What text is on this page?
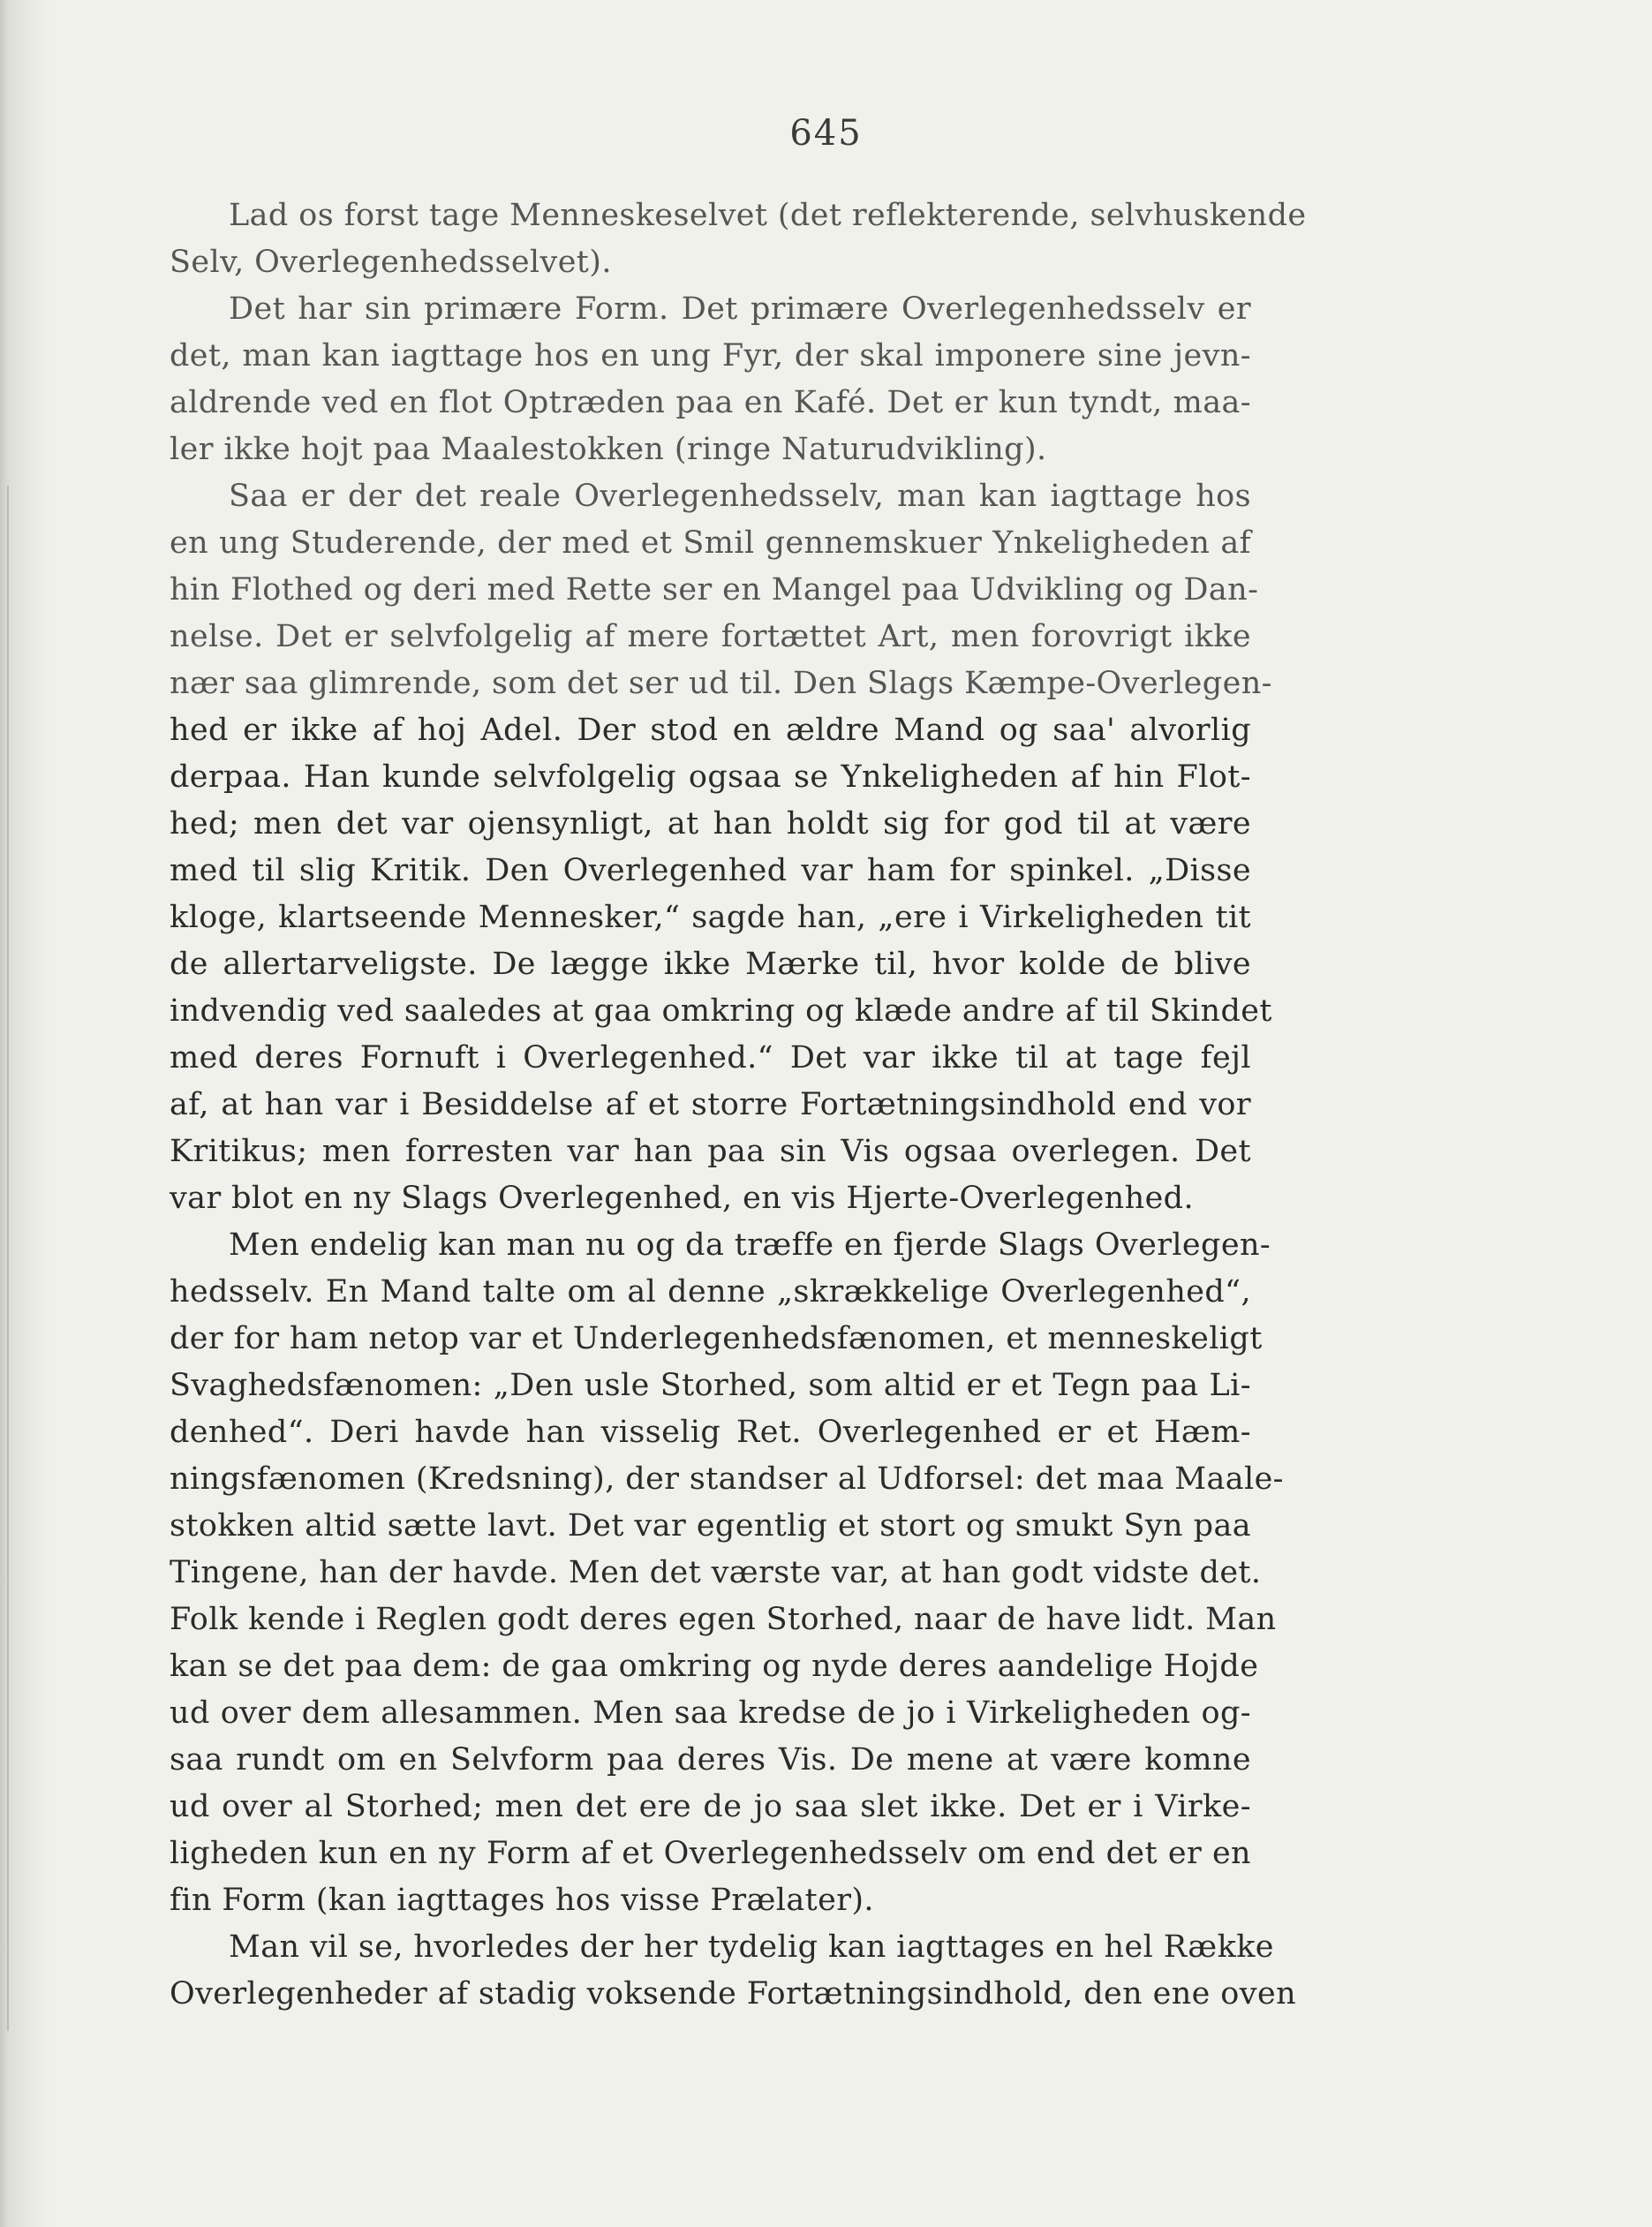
645
Lad os forst tage Menneskeselvet (det reflekterende, selvhuskende
Selv, Overlegenhedsselvet).
Det har sin primære Form. Det primære Overlegenhedsselv er
det, man kan iagttage hos en ung Fyr, der skal imponere sine jevn-
aldrende ved en flot Optræden paa en Kafé. Det er kun tyndt, maa-
ler ikke hojt paa Maalestokken (ringe Naturudvikling).
Saa er der det reale Overlegenhedsselv, man kan iagttage hos
en ung Studerende, der med et Smil gennemskuer Ynkeligheden af
hin Flothed og deri med Rette ser en Mangel paa Udvikling og Dan-
nelse. Det er selvfolgelig af mere fortættet Art, men forovrigt ikke
nær saa glimrende, som det ser ud til. Den Slags Kæmpe-Overlegen-
hed er ikke af hoj Adel. Der stod en ældre Mand og saa' alvorlig
derpaa. Han kunde selvfolgelig ogsaa se Ynkeligheden af hin Flot-
hed; men det var ojensynligt, at han holdt sig for god til at være
med til slig Kritik. Den Overlegenhed var ham for spinkel. „Disse
kloge, klartseende Mennesker,“ sagde han, „ere i Virkeligheden tit
de allertarveligste. De lægge ikke Mærke til, hvor kolde de blive
indvendig ved saaledes at gaa omkring og klæde andre af til Skindet
med deres Fornuft i Overlegenhed.“ Det var ikke til at tage fejl
af, at han var i Besiddelse af et storre Fortætningsindhold end vor
Kritikus; men forresten var han paa sin Vis ogsaa overlegen. Det
var blot en ny Slags Overlegenhed, en vis Hjerte-Overlegenhed.
Men endelig kan man nu og da træffe en fjerde Slags Overlegen-
hedsselv. En Mand talte om al denne „skrækkelige Overlegenhed“,
der for ham netop var et Underlegenhedsfænomen, et menneskeligt
Svaghedsfænomen: „Den usle Storhed, som altid er et Tegn paa Li-
denhed“. Deri havde han visselig Ret. Overlegenhed er et Hæm-
ningsfænomen (Kredsning), der standser al Udforsel: det maa Maale-
stokken altid sætte lavt. Det var egentlig et stort og smukt Syn paa
Tingene, han der havde. Men det værste var, at han godt vidste det.
Folk kende i Reglen godt deres egen Storhed, naar de have lidt. Man
kan se det paa dem: de gaa omkring og nyde deres aandelige Hojde
ud over dem allesammen. Men saa kredse de jo i Virkeligheden og-
saa rundt om en Selvform paa deres Vis. De mene at være komne
ud over al Storhed; men det ere de jo saa slet ikke. Det er i Virke-
ligheden kun en ny Form af et Overlegenhedsselv om end det er en
fin Form (kan iagttages hos visse Prælater).
Man vil se, hvorledes der her tydelig kan iagttages en hel Række
Overlegenheder af stadig voksende Fortætningsindhold, den ene oven
